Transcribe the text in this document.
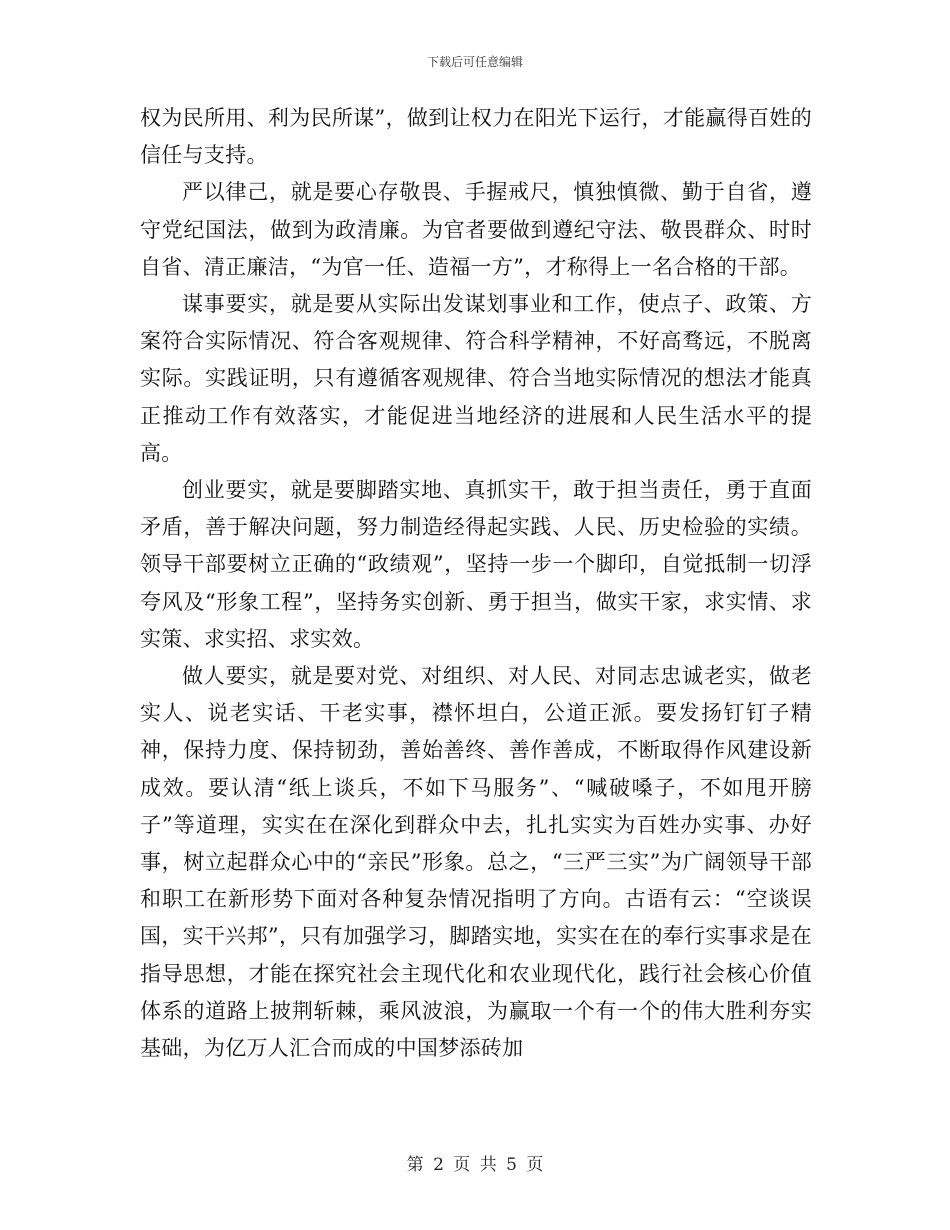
下载后可任意编辑

权为民所用、利为民所谋”，做到让权力在阳光下运行，才能赢得百姓的信任与支持。

严以律己，就是要心存敬畏、手握戒尺，慎独慎微、勤于自省，遵守党纪国法，做到为政清廉。为官者要做到遵纪守法、敬畏群众、时时自省、清正廉洁，“为官一任、造福一方”，才称得上一名合格的干部。

谋事要实，就是要从实际出发谋划事业和工作，使点子、政策、方案符合实际情况、符合客观规律、符合科学精神，不好高骛远，不脱离实际。实践证明，只有遵循客观规律、符合当地实际情况的想法才能真正推动工作有效落实，才能促进当地经济的进展和人民生活水平的提高。

创业要实，就是要脚踏实地、真抓实干，敢于担当责任，勇于直面矛盾，善于解决问题，努力制造经得起实践、人民、历史检验的实绩。领导干部要树立正确的“政绩观”，坚持一步一个脚印，自觉抵制一切浮夸风及“形象工程”，坚持务实创新、勇于担当，做实干家，求实情、求实策、求实招、求实效。

做人要实，就是要对党、对组织、对人民、对同志忠诚老实，做老实人、说老实话、干老实事，襟怀坦白，公道正派。要发扬钉钉子精神，保持力度、保持韧劲，善始善终、善作善成，不断取得作风建设新成效。要认清“纸上谈兵，不如下马服务”、“喊破嗓子，不如甩开膀子”等道理，实实在在深化到群众中去，扎扎实实为百姓办实事、办好事，树立起群众心中的“亲民”形象。总之，“三严三实”为广阔领导干部和职工在新形势下面对各种复杂情况指明了方向。古语有云：“空谈误国，实干兴邦”，只有加强学习，脚踏实地，实实在在的奉行实事求是在指导思想，才能在探究社会主现代化和农业现代化，践行社会核心价值体系的道路上披荆斩棘，乘风波浪，为赢取一个有一个的伟大胜利夯实基础，为亿万人汇合而成的中国梦添砖加

第 2 页 共 5 页
